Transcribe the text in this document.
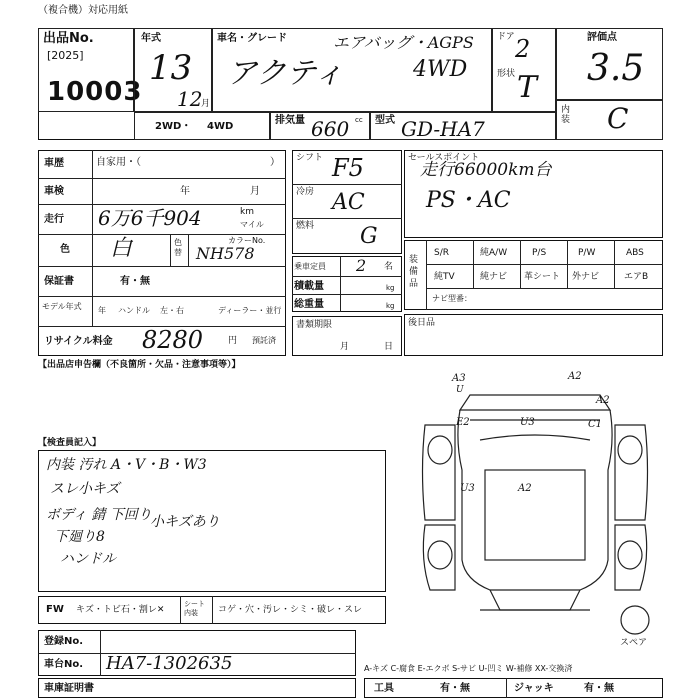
（複合機）対応用紙
出品No.
[2025]
10003
年式
13
12
月
車名・グレード	エアバッグ・AGPS
アクティ	4WD
ドア 2
形状 T
評価点
3.5
内装 C
2WD・ 4WD
排気量 660 cc 型式 GD-HA7
車歴	自家用・（	）
車検	年	月
走行 6万6千904	km
マイル
色 白	色替
カラーNo.
NH578
保証書	有・無
モデル年式 年 ハンドル 左・右	ディーラー・並行
リサイクル料金 8280	円 預託済
シフト F5
冷房 AC
燃料 G
乗車定員 2 名
積載量	kg
総重量	kg
書類期限
月	日
セールスポイント
走行66000km台
PS・AC
装備品
S/R	純A/W	P/S	P/W	ABS
純TV	純ナビ 革シート 外ナビ	エアB
ナビ型番：
後日品
【出品店申告欄（不良箇所・欠品・注意事項等）】
【検査員記入】
内装 汚れ A・V・B・W3
スレ小キズ
ボディ 錆 下回り
下廻り8
ハンドル
小キズあり
A3
U
A2
A2
C1
U3
E2
U3	A2
FW キズ・トビ石・割レ✕
シート内装	コゲ・穴・汚レ・シミ・破レ・スレ
スペア
登録No.
車台No. HA7-1302635	A-キズ C-腐食 E-エクボ S-サビ U-凹ミ W-補修 XX-交換済
車庫証明書	工具	有・無	ジャッキ	有・無
